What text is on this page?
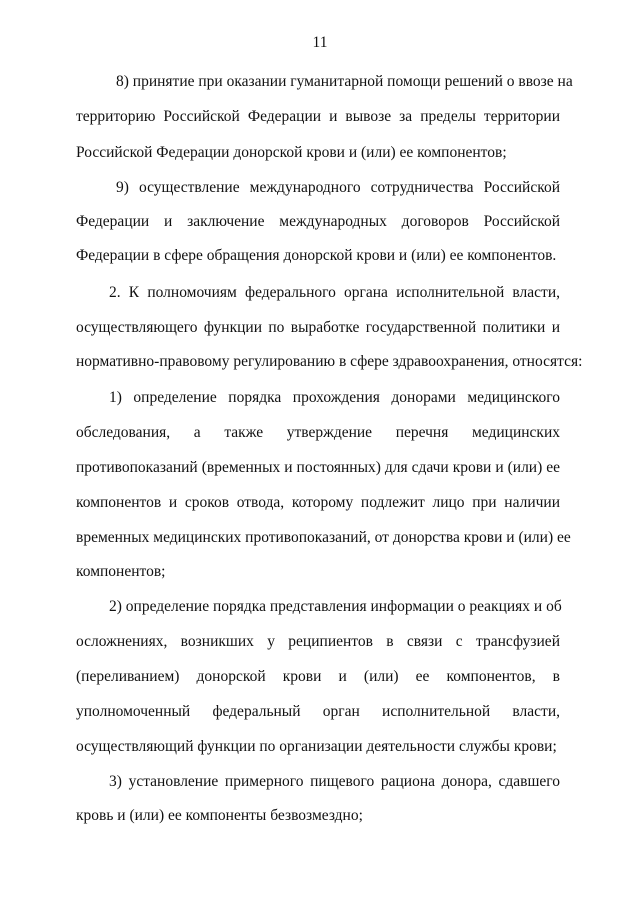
11
8) принятие при оказании гуманитарной помощи решений о ввозе на
территорию Российской Федерации и вывозе за пределы территории
Российской Федерации донорской крови и (или) ее компонентов;
9) осуществление международного сотрудничества Российской
Федерации и заключение международных договоров Российской
Федерации в сфере обращения донорской крови и (или) ее компонентов.
2. К полномочиям федерального органа исполнительной власти,
осуществляющего функции по выработке государственной политики и
нормативно-правовому регулированию в сфере здравоохранения, относятся:
1) определение порядка прохождения донорами медицинского
обследования, а также утверждение перечня медицинских
противопоказаний (временных и постоянных) для сдачи крови и (или) ее
компонентов и сроков отвода, которому подлежит лицо при наличии
временных медицинских противопоказаний, от донорства крови и (или) ее
компонентов;
2) определение порядка представления информации о реакциях и об
осложнениях, возникших у реципиентов в связи с трансфузией
(переливанием) донорской крови и (или) ее компонентов, в
уполномоченный федеральный орган исполнительной власти,
осуществляющий функции по организации деятельности службы крови;
3) установление примерного пищевого рациона донора, сдавшего
кровь и (или) ее компоненты безвозмездно;
